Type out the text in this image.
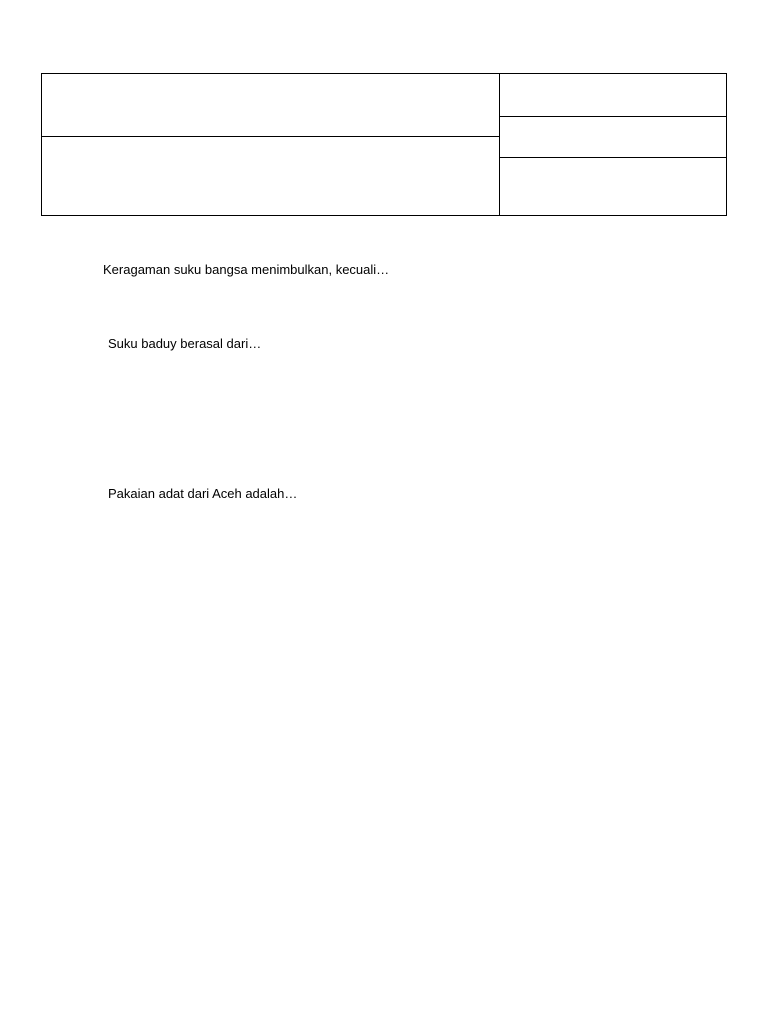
Keragaman suku bangsa menimbulkan, kecuali…
Suku baduy berasal dari…
Pakaian adat dari Aceh adalah…
